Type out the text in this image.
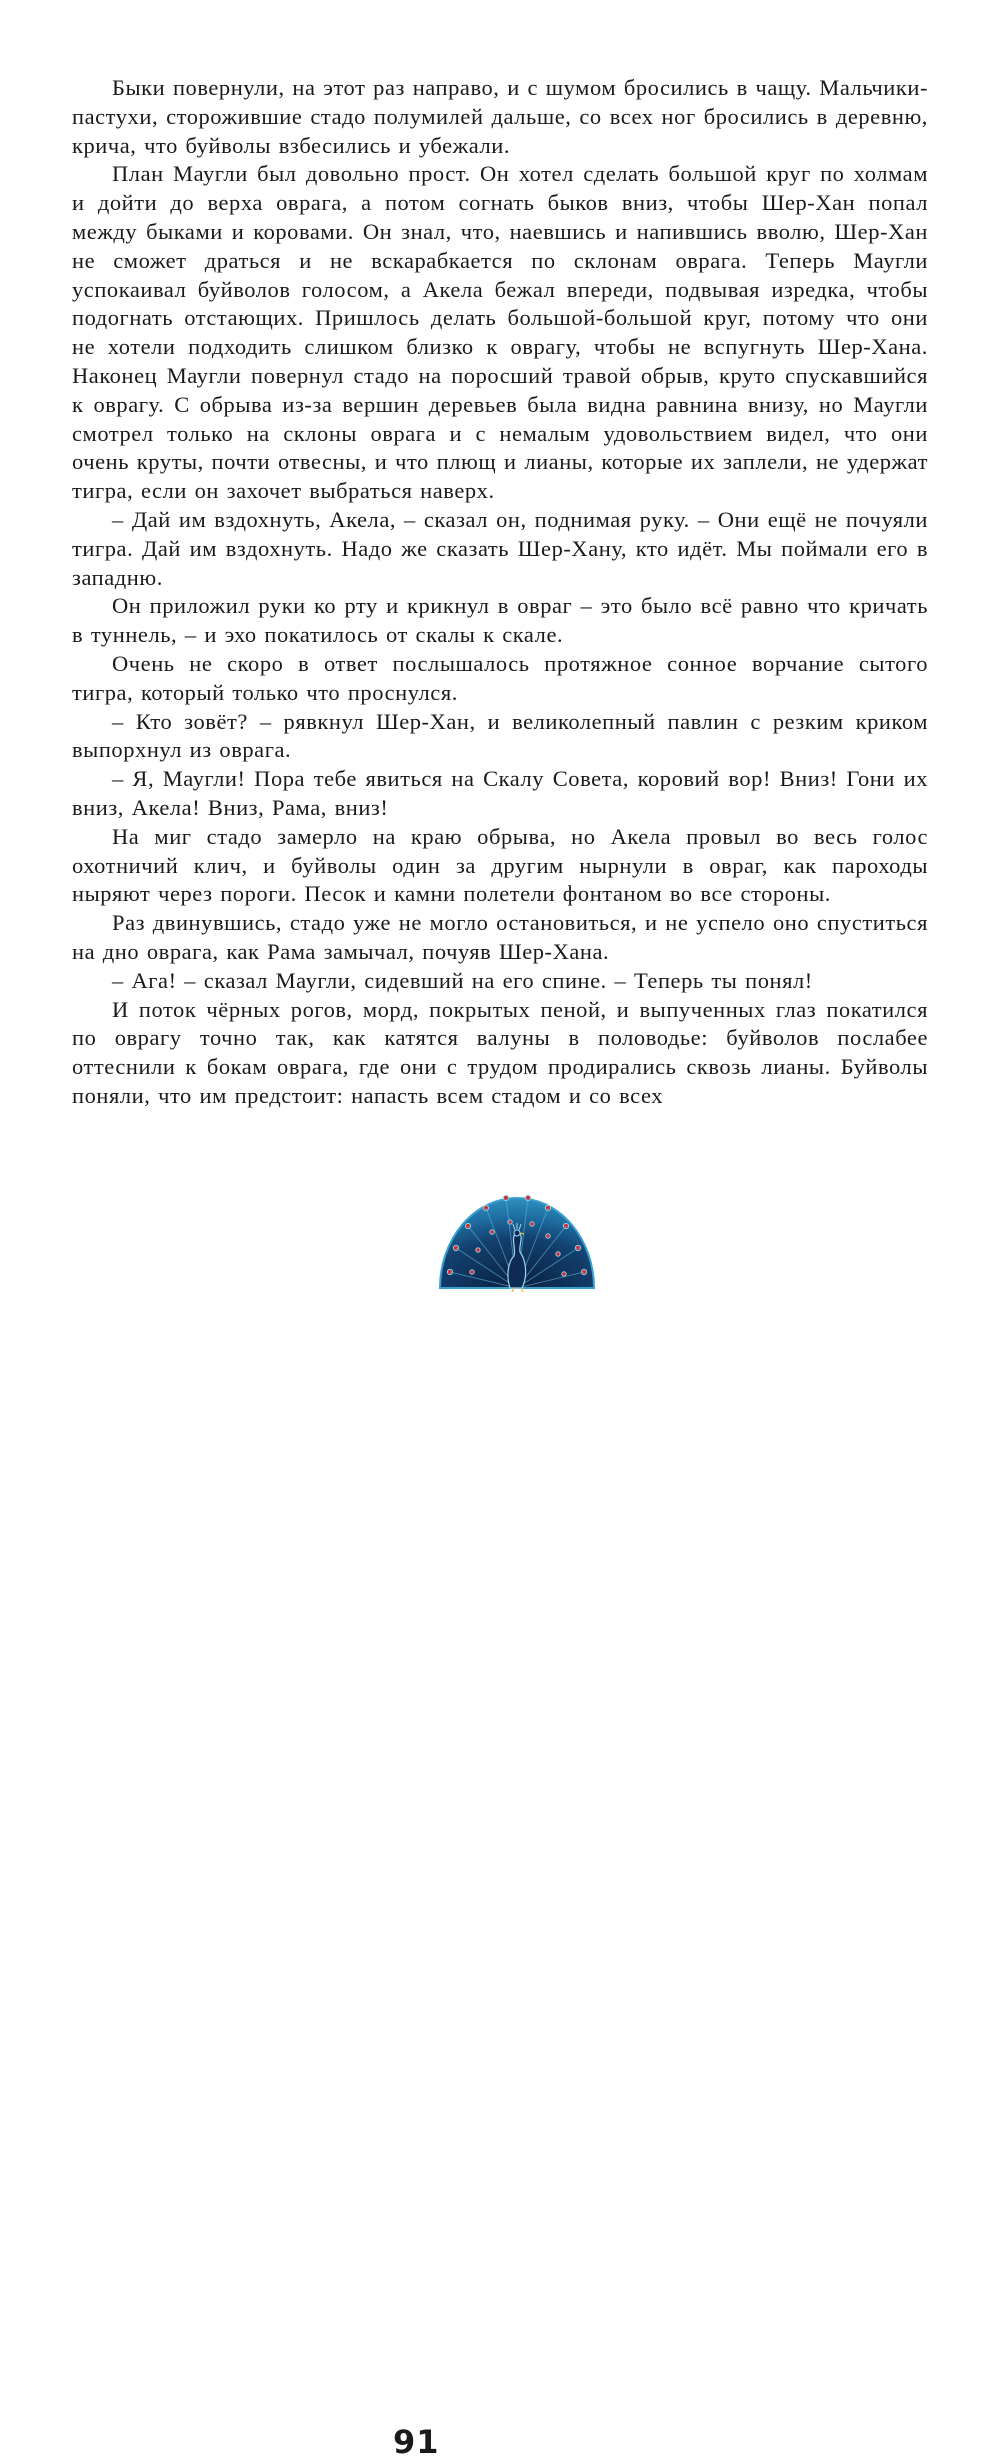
Быки повернули, на этот раз направо, и с шумом бросились в чащу. Мальчики-пастухи, сторожившие стадо полумилей дальше, со всех ног бросились в деревню, крича, что буйволы взбесились и убежали.

План Маугли был довольно прост. Он хотел сделать большой круг по холмам и дойти до верха оврага, а потом согнать быков вниз, чтобы Шер-Хан попал между быками и коровами. Он знал, что, наевшись и напившись вволю, Шер-Хан не сможет драться и не вскарабкается по склонам оврага. Теперь Маугли успокаивал буйволов голосом, а Акела бежал впереди, подвывая изредка, чтобы подогнать отстающих. Пришлось делать большой-большой круг, потому что они не хотели подходить слишком близко к оврагу, чтобы не вспугнуть Шер-Хана. Наконец Маугли повернул стадо на поросший травой обрыв, круто спускавшийся к оврагу. С обрыва из-за вершин деревьев была видна равнина внизу, но Маугли смотрел только на склоны оврага и с немалым удовольствием видел, что они очень круты, почти отвесны, и что плющ и лианы, которые их заплели, не удержат тигра, если он захочет выбраться наверх.

– Дай им вздохнуть, Акела, – сказал он, поднимая руку. – Они ещё не почуяли тигра. Дай им вздохнуть. Надо же сказать Шер-Хану, кто идёт. Мы поймали его в западню.

Он приложил руки ко рту и крикнул в овраг – это было всё равно что кричать в туннель, – и эхо покатилось от скалы к скале.

Очень не скоро в ответ послышалось протяжное сонное ворчание сытого тигра, который только что проснулся.

– Кто зовёт? – рявкнул Шер-Хан, и великолепный павлин с резким криком выпорхнул из оврага.

– Я, Маугли! Пора тебе явиться на Скалу Совета, коровий вор! Вниз! Гони их вниз, Акела! Вниз, Рама, вниз!

На миг стадо замерло на краю обрыва, но Акела провыл во весь голос охотничий клич, и буйволы один за другим нырнули в овраг, как пароходы ныряют через пороги. Песок и камни полетели фонтаном во все стороны.

Раз двинувшись, стадо уже не могло остановиться, и не успело оно спуститься на дно оврага, как Рама замычал, почуяв Шер-Хана.

– Ага! – сказал Маугли, сидевший на его спине. – Теперь ты понял!

И поток чёрных рогов, морд, покрытых пеной, и выпученных глаз покатился по оврагу точно так, как катятся валуны в половодье: буйволов послабее оттеснили к бокам оврага, где они с трудом продирались сквозь лианы. Буйволы поняли, что им предстоит: напасть всем стадом и со всех

91
